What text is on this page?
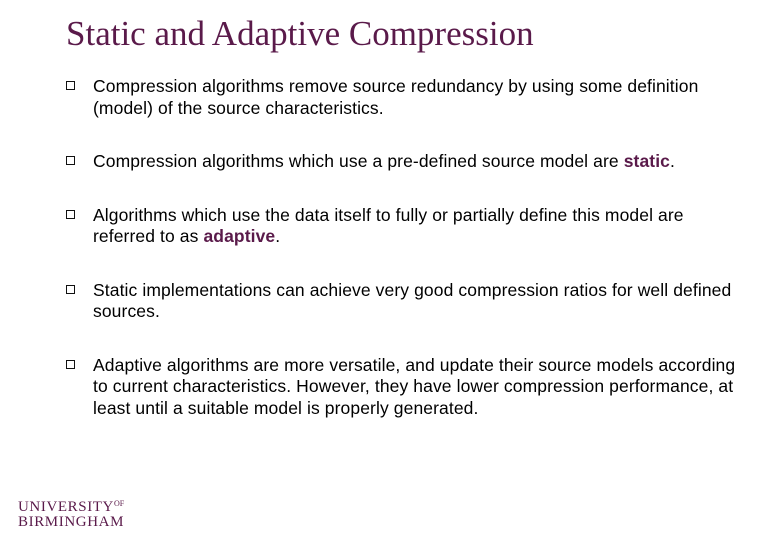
Static and Adaptive Compression
Compression algorithms remove source redundancy by using some definition (model) of the source characteristics.
Compression algorithms which use a pre-defined source model are static.
Algorithms which use the data itself to fully or partially define this model are referred to as adaptive.
Static implementations can achieve very good compression ratios for well defined sources.
Adaptive algorithms are more versatile, and update their source models according to current characteristics. However, they have lower compression performance, at least until a suitable model is properly generated.
$UNIVERSITY^{OF}$
BIRMINGHAM
